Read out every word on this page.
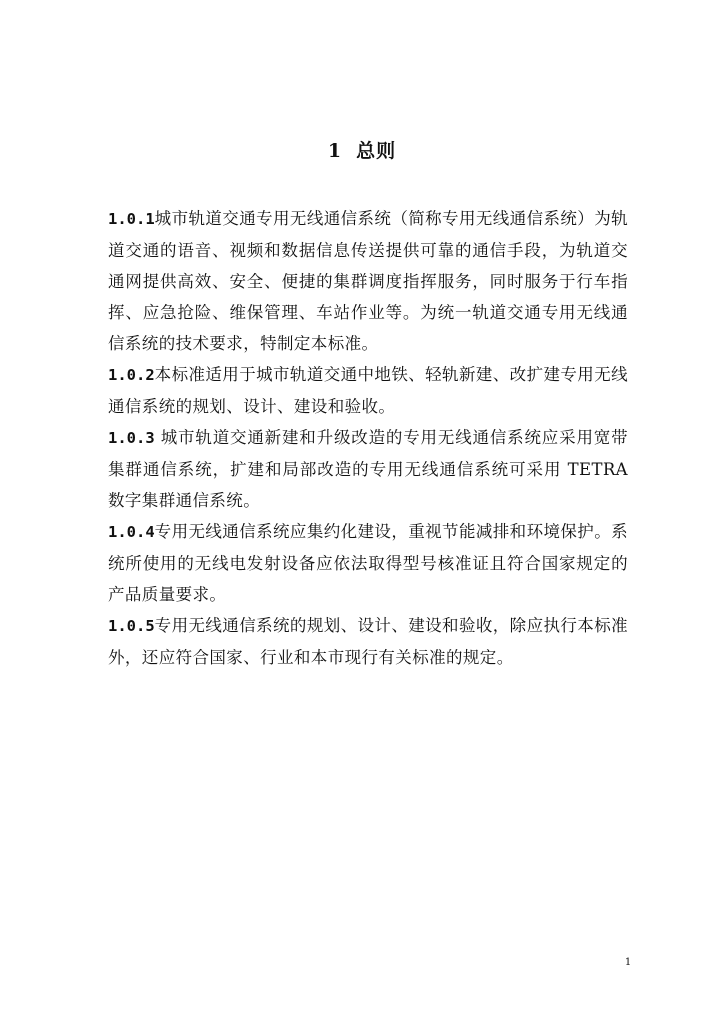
1 总则

1.0.1城市轨道交通专用无线通信系统（简称专用无线通信系统）为轨道交通的语音、视频和数据信息传送提供可靠的通信手段，为轨道交通网提供高效、安全、便捷的集群调度指挥服务，同时服务于行车指挥、应急抢险、维保管理、车站作业等。为统一轨道交通专用无线通信系统的技术要求，特制定本标准。

1.0.2本标准适用于城市轨道交通中地铁、轻轨新建、改扩建专用无线通信系统的规划、设计、建设和验收。

1.0.3 城市轨道交通新建和升级改造的专用无线通信系统应采用宽带集群通信系统，扩建和局部改造的专用无线通信系统可采用 TETRA 数字集群通信系统。

1.0.4专用无线通信系统应集约化建设，重视节能减排和环境保护。系统所使用的无线电发射设备应依法取得型号核准证且符合国家规定的产品质量要求。

1.0.5专用无线通信系统的规划、设计、建设和验收，除应执行本标准外，还应符合国家、行业和本市现行有关标准的规定。

1
